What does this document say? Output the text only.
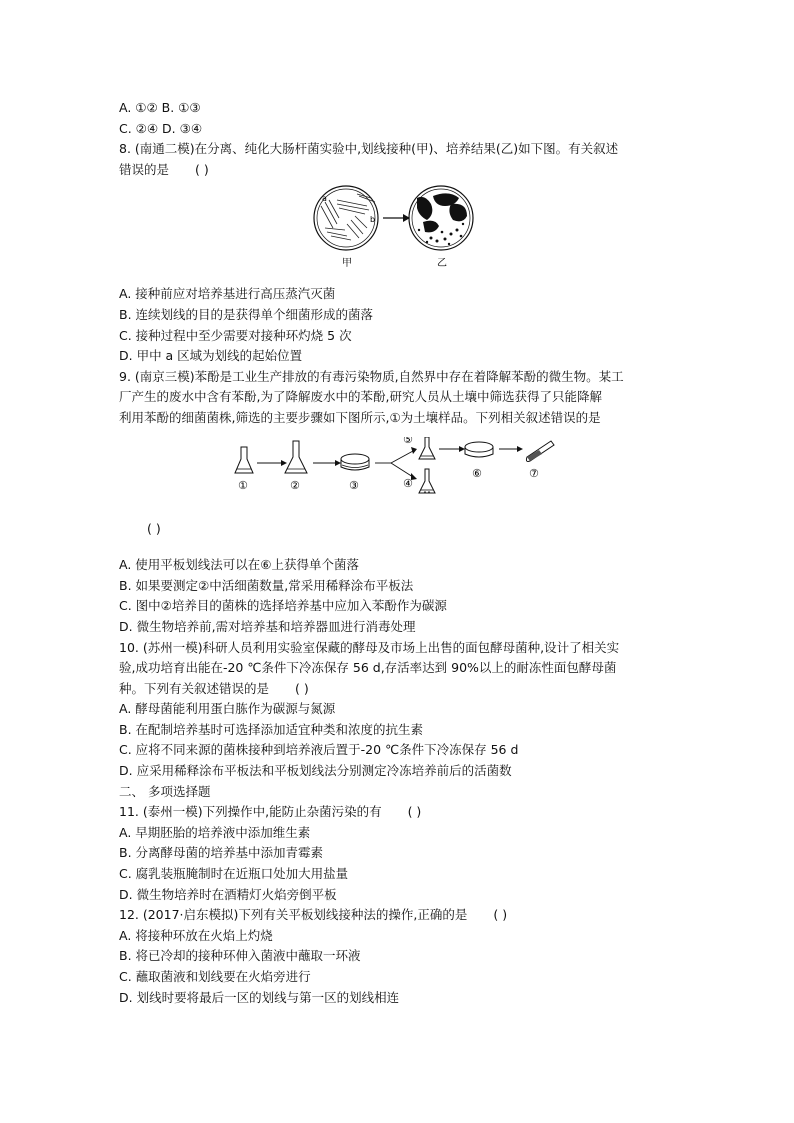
A. ①② B. ①③
C. ②④ D. ③④
8. (南通二模)在分离、纯化大肠杆菌实验中,划线接种(甲)、培养结果(乙)如下图。有关叙述
错误的是 ( )
a
b
甲	乙
A. 接种前应对培养基进行高压蒸汽灭菌
B. 连续划线的目的是获得单个细菌形成的菌落
C. 接种过程中至少需要对接种环灼烧 5 次
D. 甲中 a 区域为划线的起始位置
9. (南京三模)苯酚是工业生产排放的有毒污染物质,自然界中存在着降解苯酚的微生物。某工
厂产生的废水中含有苯酚,为了降解废水中的苯酚,研究人员从土壤中筛选获得了只能降解
利用苯酚的细菌菌株,筛选的主要步骤如下图所示,①为土壤样品。下列相关叙述错误的是
①	②	③
⑤
④
⑥	⑦
( )
A. 使用平板划线法可以在⑥上获得单个菌落
B. 如果要测定②中活细菌数量,常采用稀释涂布平板法
C. 图中②培养目的菌株的选择培养基中应加入苯酚作为碳源
D. 微生物培养前,需对培养基和培养器皿进行消毒处理
10. (苏州一模)科研人员利用实验室保藏的酵母及市场上出售的面包酵母菌种,设计了相关实
验,成功培育出能在-20 ℃条件下冷冻保存 56 d,存活率达到 90%以上的耐冻性面包酵母菌
种。下列有关叙述错误的是 ( )
A. 酵母菌能利用蛋白胨作为碳源与氮源
B. 在配制培养基时可选择添加适宜种类和浓度的抗生素
C. 应将不同来源的菌株接种到培养液后置于-20 ℃条件下冷冻保存 56 d
D. 应采用稀释涂布平板法和平板划线法分别测定冷冻培养前后的活菌数
二、 多项选择题
11. (泰州一模)下列操作中,能防止杂菌污染的有 ( )
A. 早期胚胎的培养液中添加维生素
B. 分离酵母菌的培养基中添加青霉素
C. 腐乳装瓶腌制时在近瓶口处加大用盐量
D. 微生物培养时在酒精灯火焰旁倒平板
12. (2017·启东模拟)下列有关平板划线接种法的操作,正确的是 ( )
A. 将接种环放在火焰上灼烧
B. 将已冷却的接种环伸入菌液中蘸取一环液
C. 蘸取菌液和划线要在火焰旁进行
D. 划线时要将最后一区的划线与第一区的划线相连
